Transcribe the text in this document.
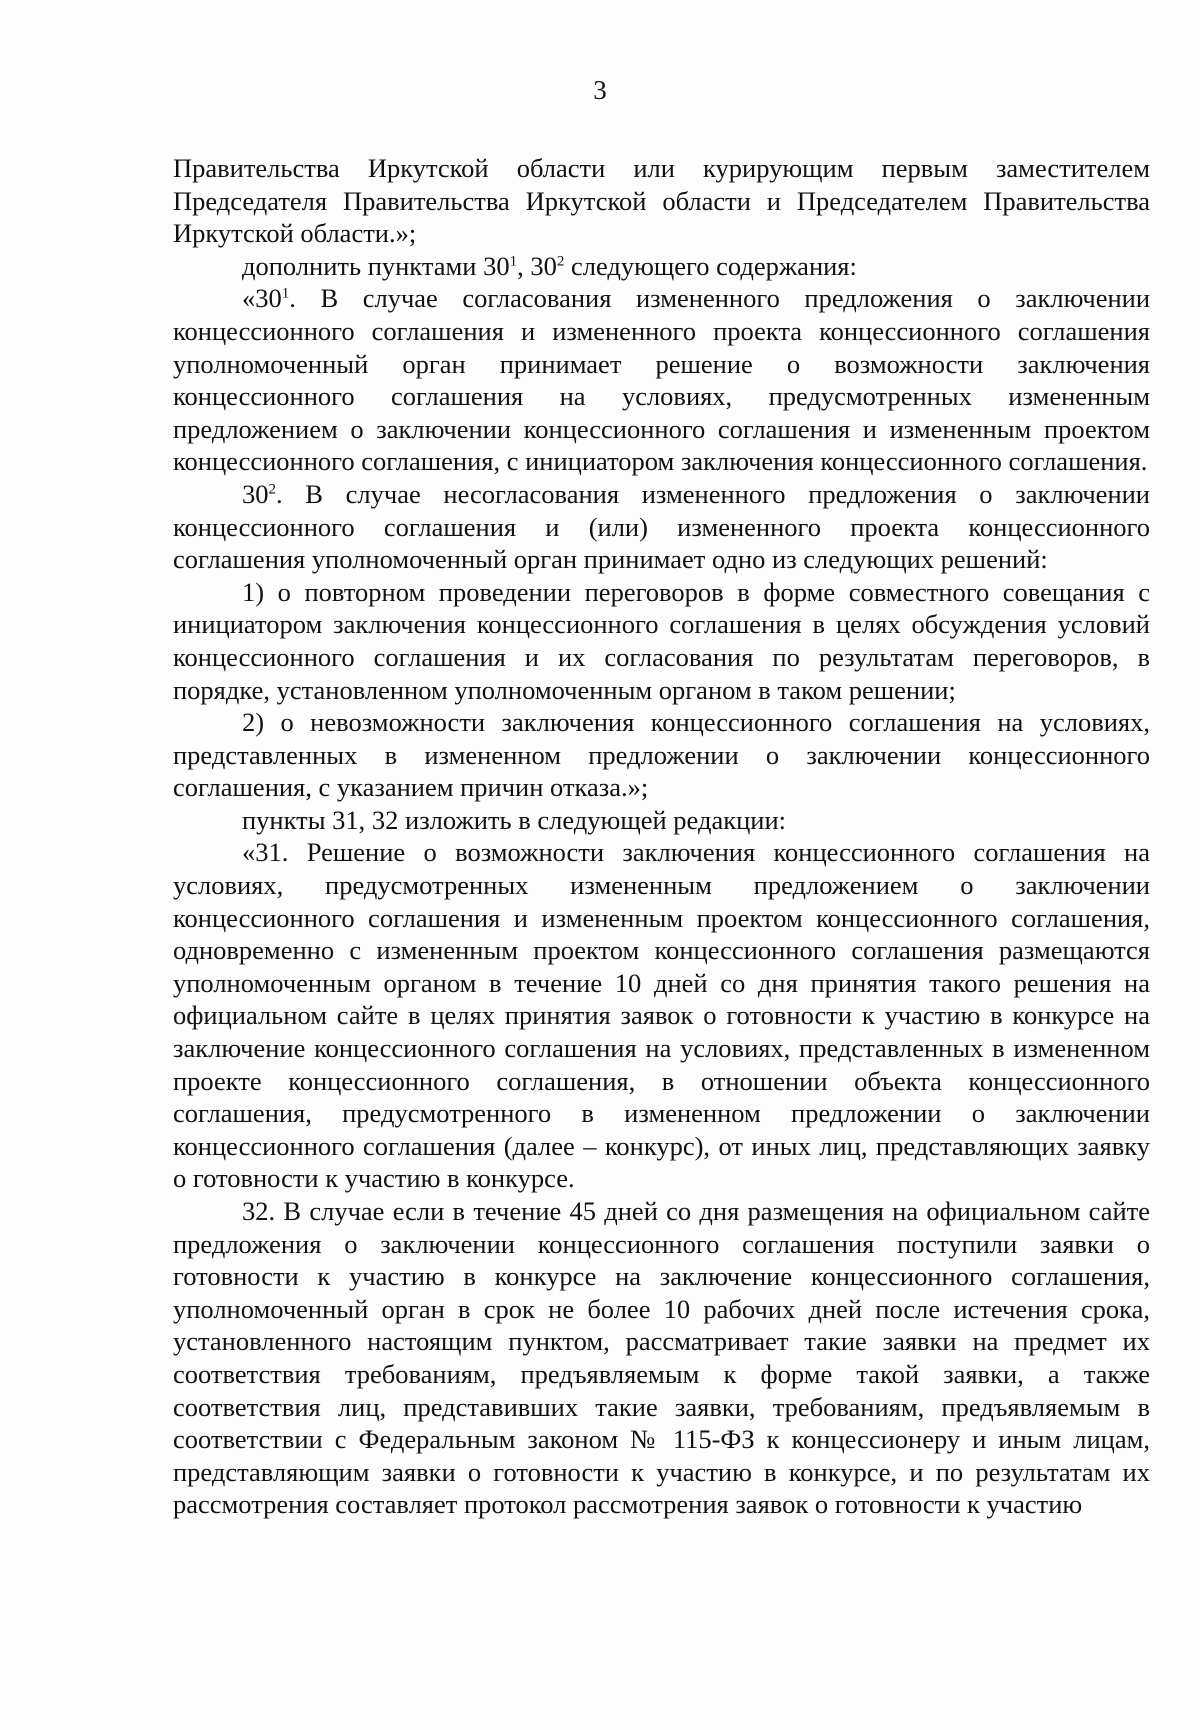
3

Правительства Иркутской области или курирующим первым заместителем Председателя Правительства Иркутской области и Председателем Правительства Иркутской области.»;

дополнить пунктами $30^1$, $30^2$ следующего содержания:

«$30^1$. В случае согласования измененного предложения о заключении концессионного соглашения и измененного проекта концессионного соглашения уполномоченный орган принимает решение о возможности заключения концессионного соглашения на условиях, предусмотренных измененным предложением о заключении концессионного соглашения и измененным проектом концессионного соглашения, с инициатором заключения концессионного соглашения.

$30^2$. В случае несогласования измененного предложения о заключении концессионного соглашения и (или) измененного проекта концессионного соглашения уполномоченный орган принимает одно из следующих решений:

1) о повторном проведении переговоров в форме совместного совещания с инициатором заключения концессионного соглашения в целях обсуждения условий концессионного соглашения и их согласования по результатам переговоров, в порядке, установленном уполномоченным органом в таком решении;

2) о невозможности заключения концессионного соглашения на условиях, представленных в измененном предложении о заключении концессионного соглашения, с указанием причин отказа.»;

пункты 31, 32 изложить в следующей редакции:

«31. Решение о возможности заключения концессионного соглашения на условиях, предусмотренных измененным предложением о заключении концессионного соглашения и измененным проектом концессионного соглашения, одновременно с измененным проектом концессионного соглашения размещаются уполномоченным органом в течение 10 дней со дня принятия такого решения на официальном сайте в целях принятия заявок о готовности к участию в конкурсе на заключение концессионного соглашения на условиях, представленных в измененном проекте концессионного соглашения, в отношении объекта концессионного соглашения, предусмотренного в измененном предложении о заключении концессионного соглашения (далее – конкурс), от иных лиц, представляющих заявку о готовности к участию в конкурсе.

32. В случае если в течение 45 дней со дня размещения на официальном сайте предложения о заключении концессионного соглашения поступили заявки о готовности к участию в конкурсе на заключение концессионного соглашения, уполномоченный орган в срок не более 10 рабочих дней после истечения срока, установленного настоящим пунктом, рассматривает такие заявки на предмет их соответствия требованиям, предъявляемым к форме такой заявки, а также соответствия лиц, представивших такие заявки, требованиям, предъявляемым в соответствии с Федеральным законом № 115-ФЗ к концессионеру и иным лицам, представляющим заявки о готовности к участию в конкурсе, и по результатам их рассмотрения составляет протокол рассмотрения заявок о готовности к участию
